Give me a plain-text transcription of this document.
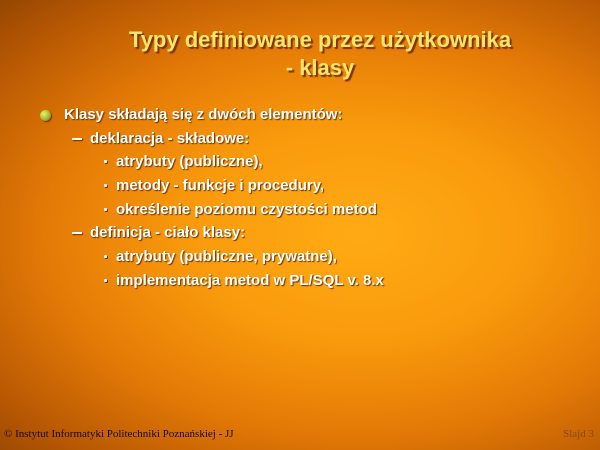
Typy definiowane przez użytkownika
- klasy
Klasy składają się z dwóch elementów:
deklaracja - składowe:
atrybuty (publiczne),
metody - funkcje i procedury,
określenie poziomu czystości metod
definicja - ciało klasy:
atrybuty (publiczne, prywatne),
implementacja metod w PL/SQL v. 8.x
© Instytut Informatyki Politechniki Poznańskiej - JJ	Slajd 3
